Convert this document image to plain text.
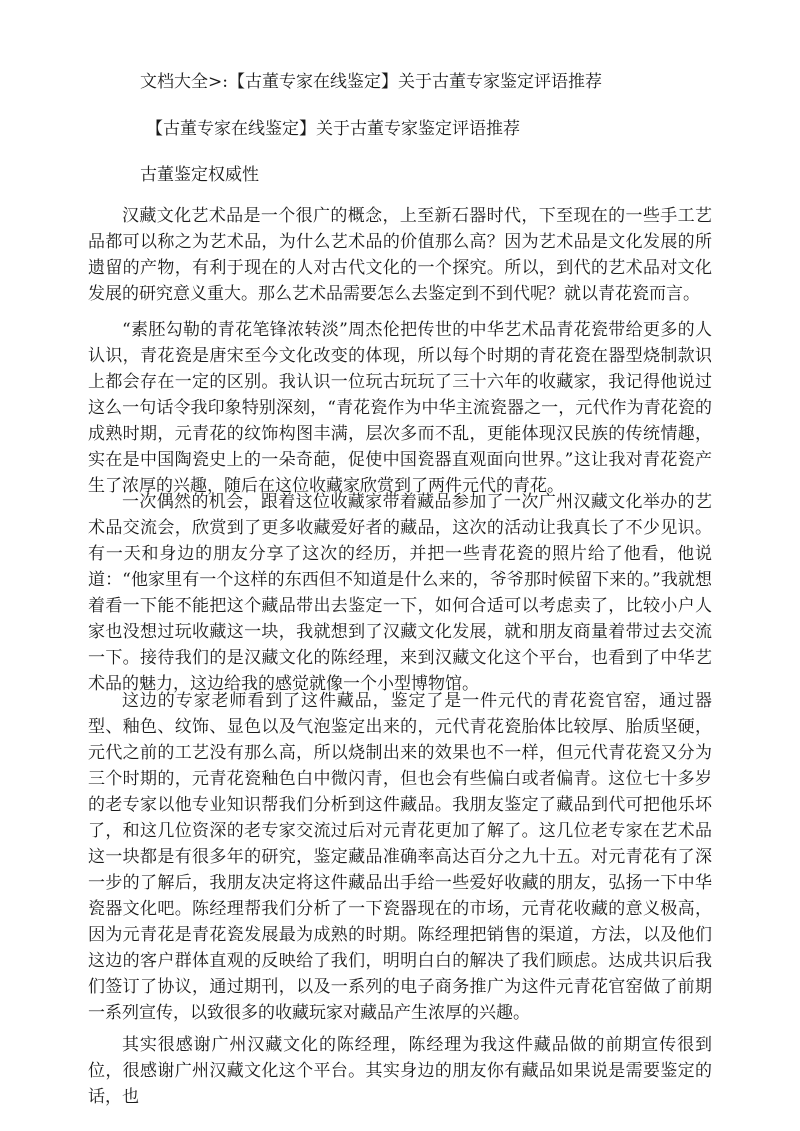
文档大全>:【古董专家在线鉴定】关于古董专家鉴定评语推荐
【古董专家在线鉴定】关于古董专家鉴定评语推荐
古董鉴定权威性

汉藏文化艺术品是一个很广的概念，上至新石器时代，下至现在的一些手工艺品都可以称之为艺术品，为什么艺术品的价值那么高？因为艺术品是文化发展的所遗留的产物，有利于现在的人对古代文化的一个探究。所以，到代的艺术品对文化发展的研究意义重大。那么艺术品需要怎么去鉴定到不到代呢？就以青花瓷而言。

“素胚勾勒的青花笔锋浓转淡”周杰伦把传世的中华艺术品青花瓷带给更多的人认识，青花瓷是唐宋至今文化改变的体现，所以每个时期的青花瓷在器型烧制款识上都会存在一定的区别。我认识一位玩古玩玩了三十六年的收藏家，我记得他说过这么一句话令我印象特别深刻，“青花瓷作为中华主流瓷器之一，元代作为青花瓷的成熟时期，元青花的纹饰构图丰满，层次多而不乱，更能体现汉民族的传统情趣，实在是中国陶瓷史上的一朵奇葩，促使中国瓷器直观面向世界。”这让我对青花瓷产生了浓厚的兴趣，随后在这位收藏家欣赏到了两件元代的青花。

一次偶然的机会，跟着这位收藏家带着藏品参加了一次广州汉藏文化举办的艺术品交流会，欣赏到了更多收藏爱好者的藏品，这次的活动让我真长了不少见识。有一天和身边的朋友分享了这次的经历，并把一些青花瓷的照片给了他看，他说道：“他家里有一个这样的东西但不知道是什么来的，爷爷那时候留下来的。”我就想着看一下能不能把这个藏品带出去鉴定一下，如何合适可以考虑卖了，比较小户人家也没想过玩收藏这一块，我就想到了汉藏文化发展，就和朋友商量着带过去交流一下。接待我们的是汉藏文化的陈经理，来到汉藏文化这个平台，也看到了中华艺术品的魅力，这边给我的感觉就像一个小型博物馆。

这边的专家老师看到了这件藏品，鉴定了是一件元代的青花瓷官窑，通过器型、釉色、纹饰、显色以及气泡鉴定出来的，元代青花瓷胎体比较厚、胎质坚硬，元代之前的工艺没有那么高，所以烧制出来的效果也不一样，但元代青花瓷又分为三个时期的，元青花瓷釉色白中微闪青，但也会有些偏白或者偏青。这位七十多岁的老专家以他专业知识帮我们分析到这件藏品。我朋友鉴定了藏品到代可把他乐坏了，和这几位资深的老专家交流过后对元青花更加了解了。这几位老专家在艺术品这一块都是有很多年的研究，鉴定藏品准确率高达百分之九十五。对元青花有了深一步的了解后，我朋友决定将这件藏品出手给一些爱好收藏的朋友，弘扬一下中华瓷器文化吧。陈经理帮我们分析了一下瓷器现在的市场，元青花收藏的意义极高，因为元青花是青花瓷发展最为成熟的时期。陈经理把销售的渠道，方法，以及他们这边的客户群体直观的反映给了我们，明明白白的解决了我们顾虑。达成共识后我们签订了协议，通过期刊，以及一系列的电子商务推广为这件元青花官窑做了前期一系列宣传，以致很多的收藏玩家对藏品产生浓厚的兴趣。

其实很感谢广州汉藏文化的陈经理，陈经理为我这件藏品做的前期宣传很到位，很感谢广州汉藏文化这个平台。其实身边的朋友你有藏品如果说是需要鉴定的话，也
